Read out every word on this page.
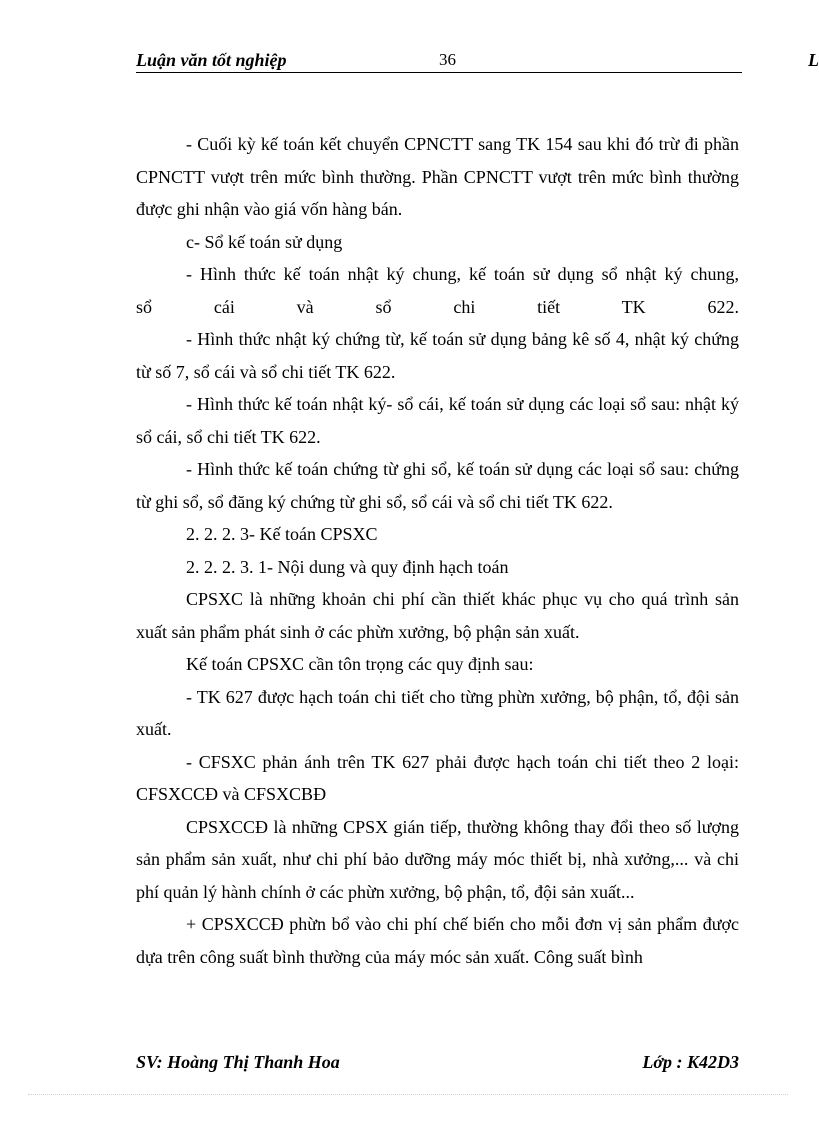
Luận văn tốt nghiệp	36	L

- Cuối kỳ kế toán kết chuyển CPNCTT sang TK 154 sau khi đó trừ đi phần CPNCTT vượt trên mức bình thường. Phần CPNCTT vượt trên mức bình thường được ghi nhận vào giá vốn hàng bán.

c- Sổ kế toán sử dụng

- Hình thức kế toán nhật ký chung, kế toán sử dụng sổ nhật ký chung,

sổ cái và sổ chi tiết TK 622.

- Hình thức nhật ký chứng từ, kế toán sử dụng bảng kê số 4, nhật ký chứng từ số 7, sổ cái và sổ chi tiết TK 622.

- Hình thức kế toán nhật ký- sổ cái, kế toán sử dụng các loại sổ sau: nhật ký sổ cái, sổ chi tiết TK 622.

- Hình thức kế toán chứng từ ghi sổ, kế toán sử dụng các loại sổ sau: chứng từ ghi sổ, sổ đăng ký chứng từ ghi sổ, sổ cái và sổ chi tiết TK 622.

2. 2. 2. 3- Kế toán CPSXC

2. 2. 2. 3. 1- Nội dung và quy định hạch toán

CPSXC là những khoản chi phí cần thiết khác phục vụ cho quá trình sản xuất sản phẩm phát sinh ở các phừn xưởng, bộ phận sản xuất.

Kế toán CPSXC cần tôn trọng các quy định sau:

- TK 627 được hạch toán chi tiết cho từng phừn xưởng, bộ phận, tổ, đội sản xuất.

- CFSXC phản ánh trên TK 627 phải được hạch toán chi tiết theo 2 loại: CFSXCCĐ và CFSXCBĐ

CPSXCCĐ là những CPSX gián tiếp, thường không thay đổi theo số lượng sản phẩm sản xuất, như chi phí bảo dưỡng máy móc thiết bị, nhà xưởng,... và chi phí quản lý hành chính ở các phừn xưởng, bộ phận, tổ, đội sản xuất...

+ CPSXCCĐ phừn bổ vào chi phí chế biến cho mỗi đơn vị sản phẩm được dựa trên công suất bình thường của máy móc sản xuất. Công suất bình

SV: Hoàng Thị Thanh Hoa	Lớp : K42D3
